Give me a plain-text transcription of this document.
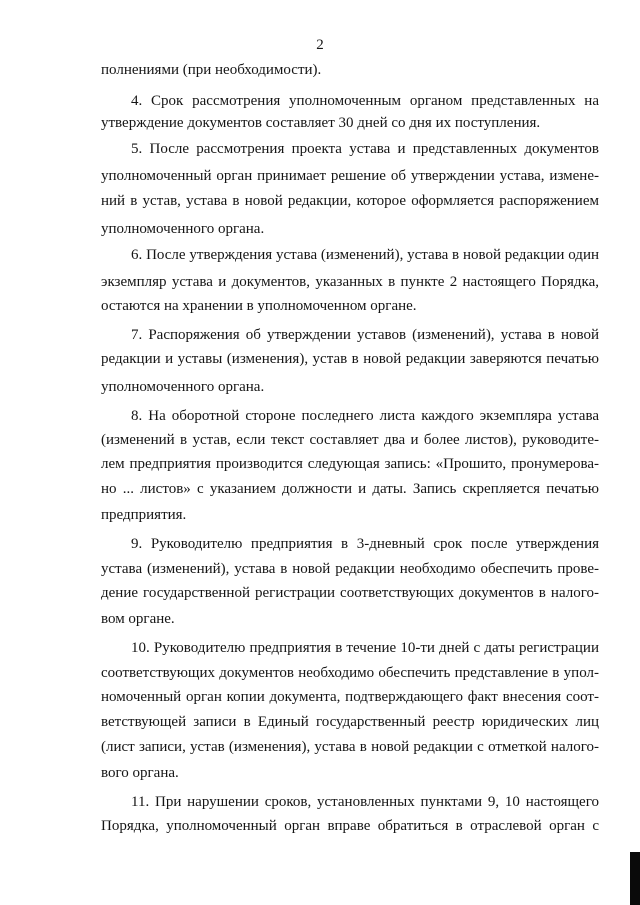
2
полнениями (при необходимости).
4. Срок рассмотрения уполномоченным органом представленных на
утверждение документов составляет 30 дней со дня их поступления.
5. После рассмотрения проекта устава и представленных документов
уполномоченный орган принимает решение об утверждении устава, измене-
ний в устав, устава в новой редакции, которое оформляется распоряжением
уполномоченного органа.
6. После утверждения устава (изменений), устава в новой редакции один
экземпляр устава и документов, указанных в пункте 2 настоящего Порядка,
остаются на хранении в уполномоченном органе.
7. Распоряжения об утверждении уставов (изменений), устава в новой
редакции и уставы (изменения), устав в новой редакции заверяются печатью
уполномоченного органа.
8. На оборотной стороне последнего листа каждого экземпляра устава
(изменений в устав, если текст составляет два и более листов), руководите-
лем предприятия производится следующая запись: «Прошито, пронумерова-
но ... листов» с указанием должности и даты. Запись скрепляется печатью
предприятия.
9. Руководителю предприятия в 3-дневный срок после утверждения
устава (изменений), устава в новой редакции необходимо обеспечить прове-
дение государственной регистрации соответствующих документов в налого-
вом органе.
10. Руководителю предприятия в течение 10-ти дней с даты регистрации
соответствующих документов необходимо обеспечить представление в упол-
номоченный орган копии документа, подтверждающего факт внесения соот-
ветствующей записи в Единый государственный реестр юридических лиц
(лист записи, устав (изменения), устава в новой редакции с отметкой налого-
вого органа.
11. При нарушении сроков, установленных пунктами 9, 10 настоящего
Порядка, уполномоченный орган вправе обратиться в отраслевой орган с
